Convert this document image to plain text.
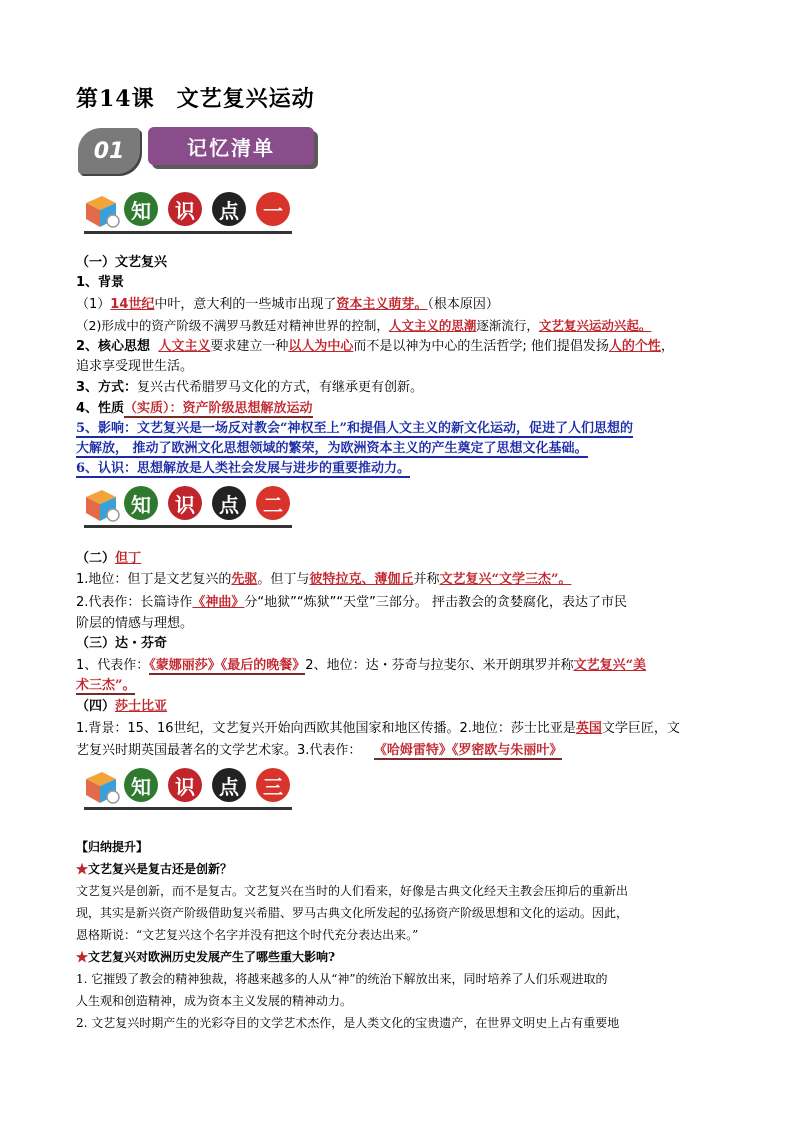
第14课 文艺复兴运动
01	记忆清单
知	识	点	一
（一）文艺复兴
1、背景
（1）14世纪中叶，意大利的一些城市出现了资本主义萌芽。（根本原因）
（2)形成中的资产阶级不满罗马教廷对精神世界的控制，人文主义的思潮逐渐流行，文艺复兴运动兴起。
2、核心思想 人文主义要求建立一种以人为中心而不是以神为中心的生活哲学; 他们提倡发扬人的个性，
追求享受现世生活。
3、方式：复兴古代希腊罗马文化的方式，有继承更有创新。
4、性质（实质）：资产阶级思想解放运动
5、影响：文艺复兴是一场反对教会“神权至上”和提倡人文主义的新文化运动，促进了人们思想的
大解放， 推动了欧洲文化思想领域的繁荣，为欧洲资本主义的产生奠定了思想文化基础。
6、认识：思想解放是人类社会发展与进步的重要推动力。
知	识	点	二
（二）但丁
1.地位：但丁是文艺复兴的先驱。但丁与彼特拉克、薄伽丘并称文艺复兴“文学三杰”。
2.代表作：长篇诗作《神曲》分“地狱”“炼狱”“天堂”三部分。 抨击教会的贪婪腐化，表达了市民
阶层的情感与理想。
（三）达・芬奇
1、代表作：《蒙娜丽莎》《最后的晚餐》2、地位：达・芬奇与拉斐尔、米开朗琪罗并称文艺复兴“美
术三杰”。
（四）莎士比亚
1.背景：15、16世纪，文艺复兴开始向西欧其他国家和地区传播。2.地位：莎士比亚是英国文学巨匠，文
艺复兴时期英国最著名的文学艺术家。3.代表作： 《哈姆雷特》《罗密欧与朱丽叶》
知	识	点	三
【归纳提升】
★文艺复兴是复古还是创新？
文艺复兴是创新，而不是复古。文艺复兴在当时的人们看来，好像是古典文化经天主教会压抑后的重新出
现，其实是新兴资产阶级借助复兴希腊、罗马古典文化所发起的弘扬资产阶级思想和文化的运动。因此，
恩格斯说：“文艺复兴这个名字并没有把这个时代充分表达出来。”
★文艺复兴对欧洲历史发展产生了哪些重大影响?
1. 它摧毁了教会的精神独裁，将越来越多的人从“神”的统治下解放出来，同时培养了人们乐观进取的
人生观和创造精神，成为资本主义发展的精神动力。
2. 文艺复兴时期产生的光彩夺目的文学艺术杰作，是人类文化的宝贵遗产，在世界文明史上占有重要地
